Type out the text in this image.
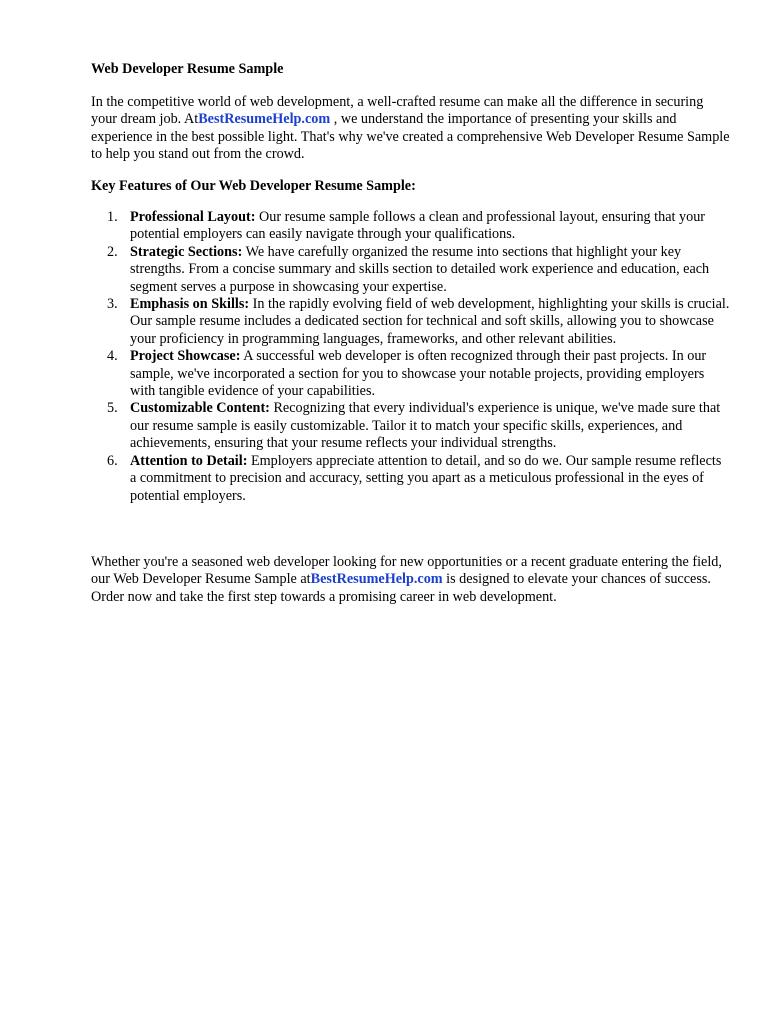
Web Developer Resume Sample

In the competitive world of web development, a well-crafted resume can make all the difference in securing your dream job. AtBestResumeHelp.com , we understand the importance of presenting your skills and experience in the best possible light. That's why we've created a comprehensive Web Developer Resume Sample to help you stand out from the crowd.

Key Features of Our Web Developer Resume Sample:

1. Professional Layout: Our resume sample follows a clean and professional layout, ensuring that your potential employers can easily navigate through your qualifications.
2. Strategic Sections: We have carefully organized the resume into sections that highlight your key strengths. From a concise summary and skills section to detailed work experience and education, each segment serves a purpose in showcasing your expertise.
3. Emphasis on Skills: In the rapidly evolving field of web development, highlighting your skills is crucial. Our sample resume includes a dedicated section for technical and soft skills, allowing you to showcase your proficiency in programming languages, frameworks, and other relevant abilities.
4. Project Showcase: A successful web developer is often recognized through their past projects. In our sample, we've incorporated a section for you to showcase your notable projects, providing employers with tangible evidence of your capabilities.
5. Customizable Content: Recognizing that every individual's experience is unique, we've made sure that our resume sample is easily customizable. Tailor it to match your specific skills, experiences, and achievements, ensuring that your resume reflects your individual strengths.
6. Attention to Detail: Employers appreciate attention to detail, and so do we. Our sample resume reflects a commitment to precision and accuracy, setting you apart as a meticulous professional in the eyes of potential employers.

Whether you're a seasoned web developer looking for new opportunities or a recent graduate entering the field, our Web Developer Resume Sample atBestResumeHelp.com is designed to elevate your chances of success. Order now and take the first step towards a promising career in web development.
